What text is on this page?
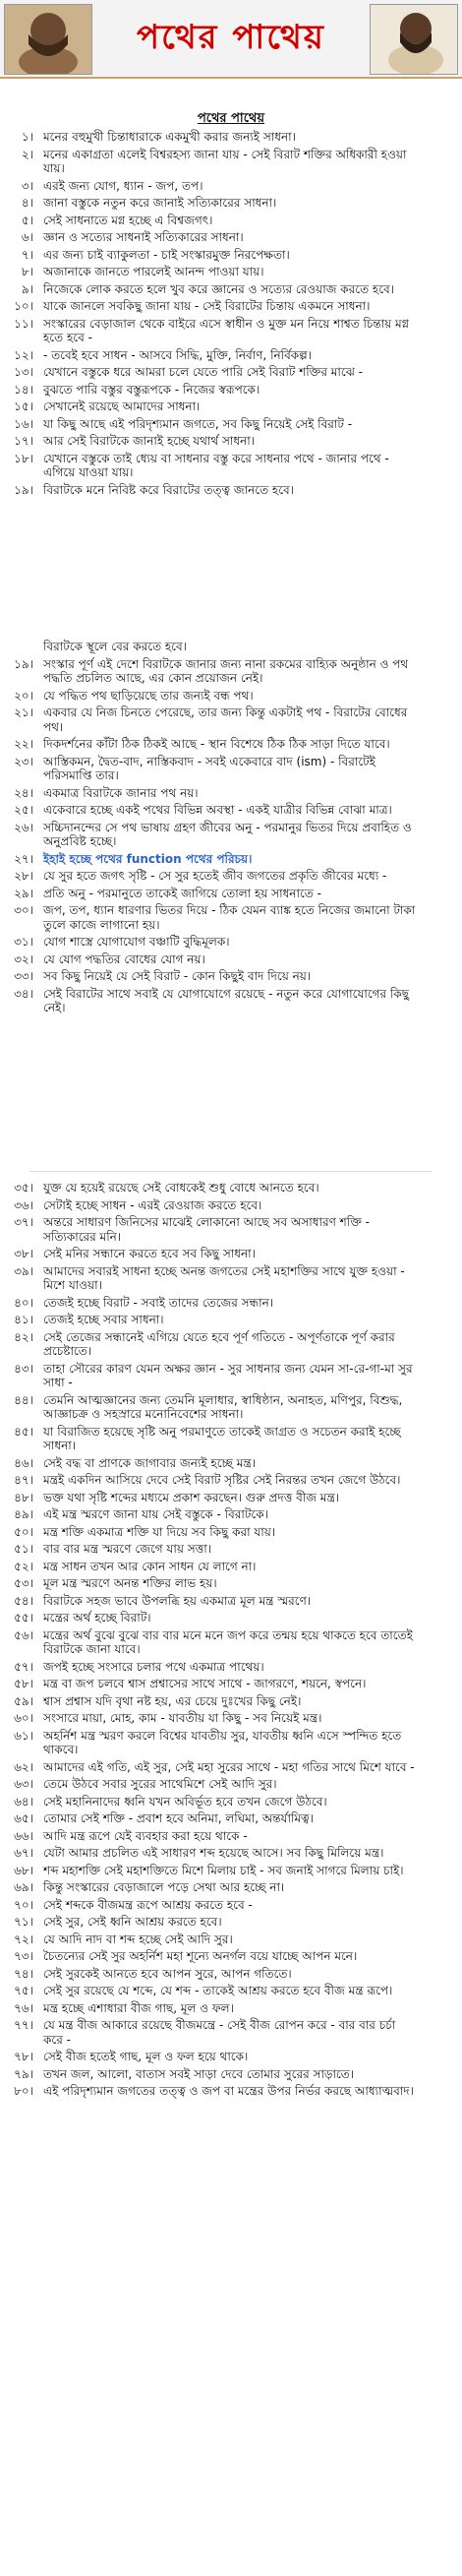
পথের পাথেয়
পথের পাথেয়
১। মনের বহুমুখী চিন্তাধারাকে একমুখী করার জন্যই সাধনা।
২। মনের একাগ্রতা এলেই বিশ্বরহস্য জানা যায় - সেই বিরাট শক্তির অধিকারী হওয়া যায়।
৩। এরই জন্য যোগ, ধ্যান - জপ, তপ।
৪। জানা বস্তুকে নতুন করে জানাই সত্যিকারের সাধনা।
৫। সেই সাধনাতে মগ্ন হচ্ছে এ বিশ্বজগৎ।
৬। জ্ঞান ও সত্যের সাধনাই সত্যিকারের সাধনা।
৭। এর জন্য চাই ব্যাকুলতা - চাই সংস্কারমুক্ত নিরপেক্ষতা।
৮। অজানাকে জানতে পারলেই আনন্দ পাওয়া যায়।
৯। নিজেকে লোক করতে হলে খুব করে জ্ঞানের ও সত্যের রেওয়াজ করতে হবে।
১০। যাকে জানলে সবকিছু জানা যায় - সেই বিরাটের চিন্তায় একমনে সাধনা।
১১। সংস্কারের বেড়াজাল থেকে বাইরে এসে স্বাধীন ও মুক্ত মন নিয়ে শাশ্বত চিন্তায় মগ্ন হতে হবে -
১২। - তবেই হবে সাধন - আসবে সিদ্ধি, মুক্তি, নির্বাণ, নির্বিকল্প।
১৩। যেখানে বস্তুকে ধরে আমরা চলে যেতে পারি সেই বিরাট শক্তির মাঝে -
১৪। বুঝতে পারি বস্তুর বস্তুরূপকে - নিজের স্বরূপকে।
১৫। সেখানেই রয়েছে আমাদের সাধনা।
১৬। যা কিছু আছে এই পরিদৃশ্যমান জগতে, সব কিছু নিয়েই সেই বিরাট -
১৭। আর সেই বিরাটকে জানাই হচ্ছে যথার্থ সাধনা।
১৮। যেখানে বস্তুকে তাই ধ্যেয় বা সাধনার বস্তু করে সাধনার পথে - জানার পথে - এগিয়ে যাওয়া যায়।
১৯। বিরাটকে মনে নিবিষ্ট করে বিরাটের তত্ত্ব জানতে হবে।
বিরাটকে স্থূলে বের করতে হবে।
১৯। সংস্কার পূর্ণ এই দেশে বিরাটকে জানার জন্য নানা রকমের বাহ্যিক অনুষ্ঠান ও পথ পদ্ধতি প্রচলিত আছে, এর কোন প্রয়োজন নেই।
২০। যে পদ্ধিত পথ ছাড়িয়েছে তার জন্যই বন্ধ পথ।
২১। একবার যে নিজ চিনতে পেরেছে, তার জন্য কিন্তু একটাই পথ - বিরাটের বোধের পথ।
২২। দিকদর্শনের কাঁটা ঠিক ঠিকই আছে - স্থান বিশেষে ঠিক ঠিক সাড়া দিতে যাবে।
২৩। আস্তিকমন, দ্বৈত-বাদ, নাস্তিকবাদ - সবই একেবারে বাদ (ism) - বিরাটেই পরিসমাপ্তি তার।
২৪। একমাত্র বিরাটকে জানার পথ নয়।
২৫। একেবারে হচ্ছে একই পথের বিভিন্ন অবস্থা - একই যাত্রীর বিভিন্ন বোঝা মাত্র।
২৬। সচ্চিদানন্দের সে পথ ভাষায় গ্রহণ জীবের অনু - পরমানুর ভিতর দিয়ে প্রবাহিত ও অনুপ্রবিষ্ট হচ্ছে।
২৭। ইহাই হচ্ছে পথের function পথের পরিচয়।
২৮। যে সুর হতে জগৎ সৃষ্টি - সে সুর হতেই জীব জগতের প্রকৃতি জীবের মধ্যে -
২৯। প্রতি অনু - পরমানুতে তাকেই জাগিয়ে তোলা হয় সাধনাতে -
৩০। জপ, তপ, ধ্যান ধারণার ভিতর দিয়ে - ঠিক যেমন ব্যাঙ্ক হতে নিজের জমানো টাকা তুলে কাজে লাগানো হয়।
৩১। যোগ শাস্ত্রে যোগাযোগ বঞ্চাটি বুদ্ধিমূলক।
৩২। যে যোগ পদ্ধতির বোধের যোগ নয়।
৩৩। সব কিছু নিয়েই যে সেই বিরাট - কোন কিছুই বাদ দিয়ে নয়।
৩৪। সেই বিরাটের সাথে সবাই যে যোগাযোগে রয়েছে - নতুন করে যোগাযোগের কিছু নেই।
৩৫। যুক্ত যে হয়েই রয়েছে সেই বোধকেই শুধু বোধে আনতে হবে।
৩৬। সেটাই হচ্ছে সাধন - এরই রেওয়াজ করতে হবে।
৩৭। অন্তরে সাধারণ জিনিসের মাঝেই লোকানো আছে সব অসাধারণ শক্তি - সত্যিকারের মনি।
৩৮। সেই মনির সন্ধানে করতে হবে সব কিছু সাধনা।
৩৯। আমাদের সবারই সাধনা হচ্ছে অনন্ত জগতের সেই মহাশক্তির সাথে যুক্ত হওয়া - মিশে যাওয়া।
৪০। তেজই হচ্ছে বিরাট - সবাই তাদের তেজের সন্ধান।
৪১। তেজই হচ্ছে সবার সাধনা।
৪২। সেই তেজের সন্ধানেই এগিয়ে যেতে হবে পূর্ণ গতিতে - অপূর্ণতাকে পূর্ণ করার প্রচেষ্টাতে।
৪৩। তাহা সৌরের কারণ যেমন অক্ষর জ্ঞান - সুর সাধনার জন্য যেমন সা-রে-গা-মা সুর সাধা -
৪৪। তেমনি আত্মজ্ঞানের জন্য তেমনি মূলাধার, স্বাধিষ্ঠান, অনাহত, মণিপুর, বিশুদ্ধ, আজ্ঞাচক্র ও সহস্রারে মনোনিবেশের সাধনা।
৪৫। যা বিরাজিত হয়েছে সৃষ্টি অনু পরমাণুতে তাকেই জাগ্রত ও সচেতন করাই হচ্ছে সাধনা।
৪৬। সেই বদ্ধ বা প্রাণকে জাগাবার জন্যই হচ্ছে মন্ত্র।
৪৭। মন্ত্রই একদিন আসিয়ে দেবে সেই বিরাট সৃষ্টির সেই নিরন্তর তখন জেগে উঠবে।
৪৮। ভক্ত যথা সৃষ্টি শব্দের মধ্যমে প্রকাশ করছেন। গুরু প্রদত্ত বীজ মন্ত্র।
৪৯। এই মন্ত্র স্মরণে জানা যায় সেই বস্তুকে - বিরাটকে।
৫০। মন্ত্র শক্তি একমাত্র শক্তি যা দিয়ে সব কিছু করা যায়।
৫১। বার বার মন্ত্র স্মরণে জেগে যায় সত্তা।
৫২। মন্ত্র সাধন তখন আর কোন সাধন যে লাগে না।
৫৩। মূল মন্ত্র স্মরণে অনন্ত শক্তির লাভ হয়।
৫৪। বিরাটকে সহজ ভাবে উপলব্ধি হয় একমাত্র মূল মন্ত্র স্মরণে।
৫৫। মন্ত্রের অর্থ হচ্ছে বিরাট।
৫৬। মন্ত্রের অর্থ বুঝে বুঝে বার বার মনে মনে জপ করে তন্ময় হয়ে থাকতে হবে তাতেই বিরাটকে জানা যাবে।
৫৭। জপই হচ্ছে সংসারে চলার পথে একমাত্র পাথেয়।
৫৮। মন্ত্র বা জপ চলবে শ্বাস প্রশ্বাসের সাথে সাথে - জাগরণে, শয়নে, স্বপনে।
৫৯। শ্বাস প্রশ্বাস যদি বৃথা নষ্ট হয়, এর চেয়ে দুঃখের কিছু নেই।
৬০। সংসারে মায়া, মোহ, কাম - যাবতীয় যা কিছু - সব নিয়েই মন্ত্র।
৬১। অহর্নিশ মন্ত্র স্মরণ করলে বিশ্বের যাবতীয় সুর, যাবতীয় ধ্বনি এসে স্পন্দিত হতে থাকবে।
৬২। আমাদের এই গতি, এই সুর, সেই মহা সুরের সাথে - মহা গতির সাথে মিশে যাবে -
৬৩। তেমে উঠবে সবার সুরের সাথেমিশে সেই আদি সুর।
৬৪। সেই মহানিনাদের ধ্বনি যখন অবির্ভূত হবে তখন জেগে উঠবে।
৬৫। তোমার সেই শক্তি - প্রবাশ হবে অনিমা, লঘিমা, অন্তর্যামিত্ব।
৬৬। আদি মন্ত্র রূপে যেই ব্যবহার করা হয়ে থাকে -
৬৭। যেটা আমার প্রচলিত এই সাধারণ শব্দ হয়েছে আসে। সব কিছু মিলিয়ে মন্ত্র।
৬৮। শব্দ মহাশক্তি সেই মহাশক্তিতে মিশে মিলায় চাই - সব জনাই সাগরে মিলায় চাই।
৬৯। কিন্তু সংস্কারের বেড়াজালে পড়ে সেথা আর হচ্ছে না।
৭০। সেই শব্দকে বীজমন্ত্র রূপে আশ্রয় করতে হবে -
৭১। সেই সুর, সেই ধ্বনি আশ্রয় করতে হবে।
৭২। যে আদি নাদ বা শব্দ হচ্ছে সেই আদি সুর।
৭৩। চৈতন্যের সেই সুর অহর্নিশ মহা শূন্যে অনর্গল বয়ে যাচ্ছে আপন মনে।
৭৪। সেই সুরকেই আনতে হবে আপন সুরে, আপন গতিতে।
৭৫। সেই সুর রয়েছে যে শব্দে, যে শব্দ - তাকেই আশ্রয় করতে হবে বীজ মন্ত্র রূপে।
৭৬। মন্ত্র হচ্ছে এশাধারা বীজ গাছ, মূল ও ফল।
৭৭। যে মন্ত্র বীজ আকারে রয়েছে বীজমন্ত্রে - সেই বীজ রোপন করে - বার বার চর্চা করে -
৭৮। সেই বীজ হতেই গাছ, মূল ও ফল হয়ে থাকে।
৭৯। তখন জল, আলো, বাতাস সবই সাড়া দেবে তোমার সুরের সাড়াতে।
৮০। এই পরিদৃশ্যমান জগতের তত্ত্ব ও জপ বা মন্ত্রের উপর নির্ভর করছে আধ্যাত্মবাদ।
